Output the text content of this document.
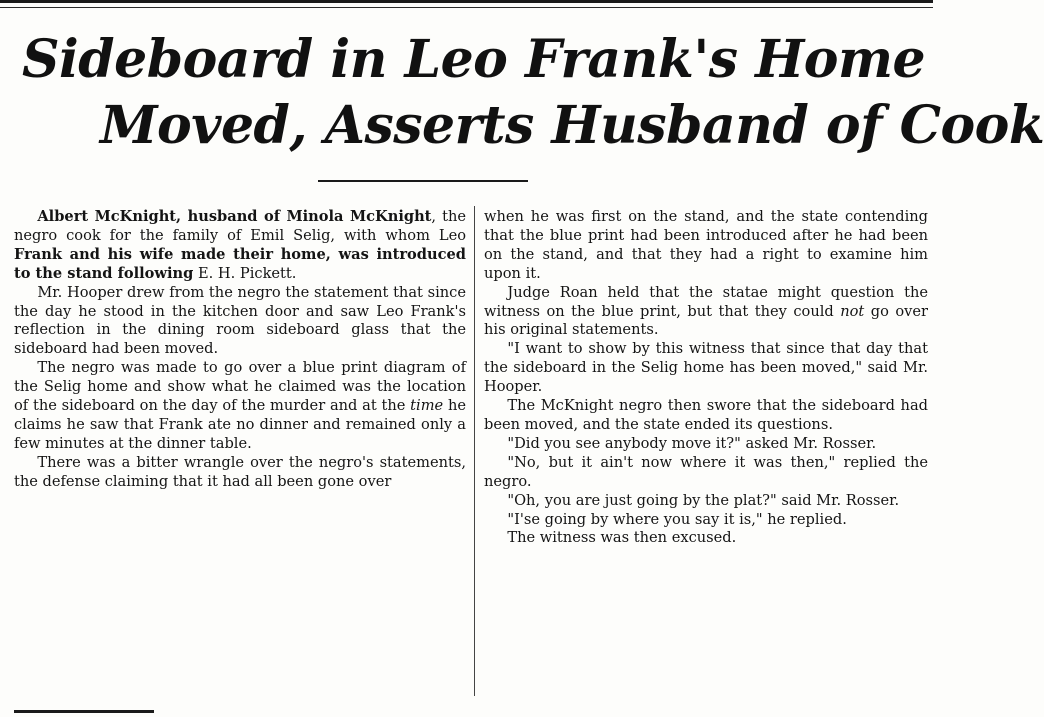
Sideboard in Leo Frank's Home
Moved, Asserts Husband of Cook

Albert McKnight, husband of Minola McKnight, the negro cook for the family of Emil Selig, with whom Leo Frank and his wife made their home, was introduced to the stand following E. H. Pickett.

Mr. Hooper drew from the negro the statement that since the day he stood in the kitchen door and saw Leo Frank's reflection in the dining room sideboard glass that the sideboard had been moved.

The negro was made to go over a blue print diagram of the Selig home and show what he claimed was the location of the sideboard on the day of the murder and at the time he claims he saw that Frank ate no dinner and remained only a few minutes at the dinner table.

There was a bitter wrangle over the negro's statements, the defense claiming that it had all been gone over

when he was first on the stand, and the state contending that the blue print had been introduced after he had been on the stand, and that they had a right to examine him upon it.

Judge Roan held that the statae might question the witness on the blue print, but that they could not go over his original statements.

"I want to show by this witness that since that day that the sideboard in the Selig home has been moved," said Mr. Hooper.

The McKnight negro then swore that the sideboard had been moved, and the state ended its questions.

"Did you see anybody move it?" asked Mr. Rosser.

"No, but it ain't now where it was then," replied the negro.

"Oh, you are just going by the plat?" said Mr. Rosser.

"I'se going by where you say it is," he replied.

The witness was then excused.
